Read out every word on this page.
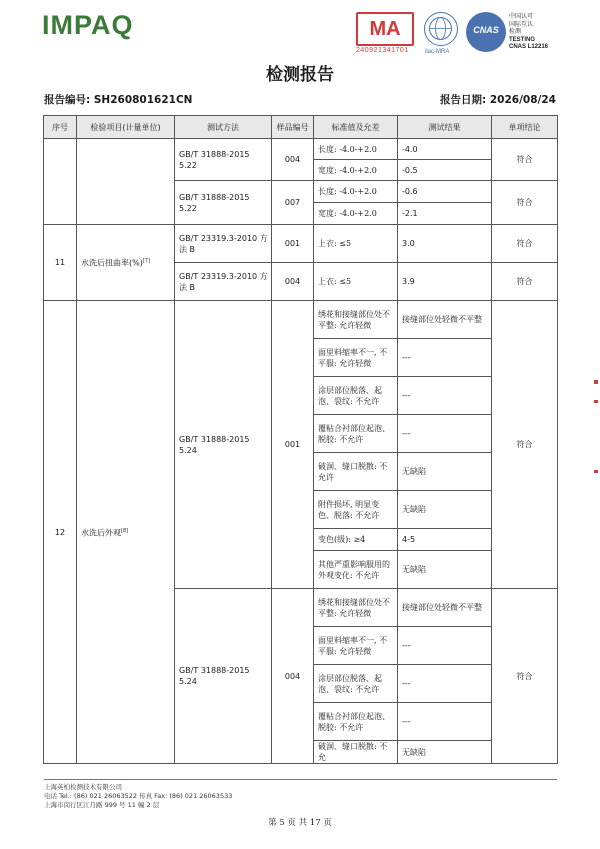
IMPAQ	MA
240921341701	ilac-MRA
CNAS
中国认可
国际互认
检测
TESTING
CNAS L12216
检测报告
报告编号: SH260801621CN	报告日期: 2026/08/24
序号	检验项目(计量单位)	测试方法	样品编号	标准值及允差	测试结果	单项结论
		GB/T 31888-2015 5.22	004	长度: -4.0-+2.0	-4.0	符合
				宽度: -4.0-+2.0	-0.5	
		GB/T 31888-2015 5.22	007	长度: -4.0-+2.0	-0.6	符合
				宽度: -4.0-+2.0	-2.1	
11	水洗后扭曲率(%)[7]	GB/T 23319.3-2010 方法 B	001	上衣: ≤5	3.0	符合
		GB/T 23319.3-2010 方法 B	004	上衣: ≤5	3.9	符合
12	水洗后外观[8]	GB/T 31888-2015 5.24	001	绣花和接缝部位处不平整: 允许轻微	接缝部位处轻微不平整	符合
				面里料缩率不一, 不平服: 允许轻微	---	
				涂层部位脱落、起泡、裂纹: 不允许	---	
				覆粘合衬部位起泡、脱胶: 不允许	---	
				破洞、缝口脱散: 不允许	无缺陷	
				附件损坏, 明显变色、脱落: 不允许	无缺陷	
				变色(级): ≥4	4-5	
				其他严重影响服用的外观变化: 不允许	无缺陷	
		GB/T 31888-2015 5.24	004	绣花和接缝部位处不平整: 允许轻微	接缝部位处轻微不平整	符合
				面里料缩率不一, 不平服: 允许轻微	---	
				涂层部位脱落、起泡、裂纹: 不允许	---	
				覆粘合衬部位起泡、脱胶: 不允许	---	
				破洞、缝口脱散: 不允	无缺陷	
上海英柏检测技术有限公司
电话 Tel.: (86) 021 26063522 传真 Fax: (86) 021 26063533
上海市闵行区江月路 999 号 11 幢 2 层
第 5 页 共 17 页
